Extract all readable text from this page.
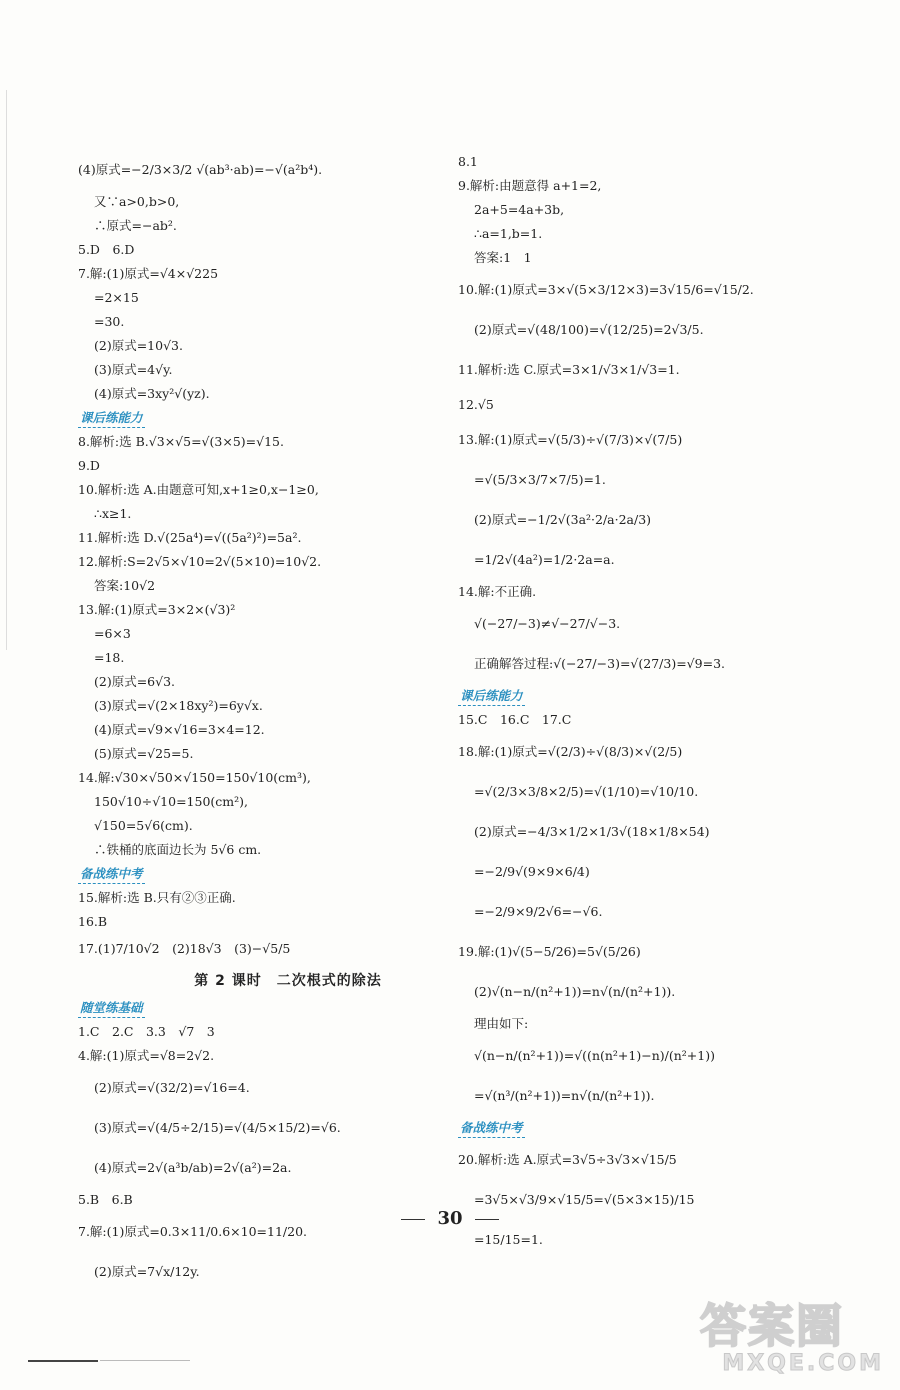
(4)原式=−2/3×3/2 √(ab³·ab)=−√(a²b⁴).
又∵a>0,b>0,
∴原式=−ab².
5.D　6.D
7.解:(1)原式=√4×√225
=2×15
=30.
(2)原式=10√3.
(3)原式=4√y.
(4)原式=3xy²√(yz).
课后练能力
8.解析:选 B.√3×√5=√(3×5)=√15.
9.D
10.解析:选 A.由题意可知,x+1≥0,x−1≥0,
∴x≥1.
11.解析:选 D.√(25a⁴)=√((5a²)²)=5a².
12.解析:S=2√5×√10=2√(5×10)=10√2.
答案:10√2
13.解:(1)原式=3×2×(√3)²
=6×3
=18.
(2)原式=6√3.
(3)原式=√(2×18xy²)=6y√x.
(4)原式=√9×√16=3×4=12.
(5)原式=√25=5.
14.解:√30×√50×√150=150√10(cm³),
150√10÷√10=150(cm²),
√150=5√6(cm).
∴铁桶的底面边长为 5√6 cm.
备战练中考
15.解析:选 B.只有②③正确.
16.B
17.(1)7/10√2　(2)18√3　(3)−√5/5
第 2 课时　二次根式的除法
随堂练基础
1.C　2.C　3.3　√7　3
4.解:(1)原式=√8=2√2.
(2)原式=√(32/2)=√16=4.
(3)原式=√(4/5÷2/15)=√(4/5×15/2)=√6.
(4)原式=2√(a³b/ab)=2√(a²)=2a.
5.B　6.B
7.解:(1)原式=0.3×11/0.6×10=11/20.
(2)原式=7√x/12y.
8.1
9.解析:由题意得 a+1=2,
2a+5=4a+3b,
∴a=1,b=1.
答案:1　1
10.解:(1)原式=3×√(5×3/12×3)=3√15/6=√15/2.
(2)原式=√(48/100)=√(12/25)=2√3/5.
11.解析:选 C.原式=3×1/√3×1/√3=1.
12.√5
13.解:(1)原式=√(5/3)÷√(7/3)×√(7/5)
=√(5/3×3/7×7/5)=1.
(2)原式=−1/2√(3a²·2/a·2a/3)
=1/2√(4a²)=1/2·2a=a.
14.解:不正确.
√(−27/−3)≠√−27/√−3.
正确解答过程:√(−27/−3)=√(27/3)=√9=3.
课后练能力
15.C　16.C　17.C
18.解:(1)原式=√(2/3)÷√(8/3)×√(2/5)
=√(2/3×3/8×2/5)=√(1/10)=√10/10.
(2)原式=−4/3×1/2×1/3√(18×1/8×54)
=−2/9√(9×9×6/4)
=−2/9×9/2√6=−√6.
19.解:(1)√(5−5/26)=5√(5/26)
(2)√(n−n/(n²+1))=n√(n/(n²+1)).
理由如下:
√(n−n/(n²+1))=√((n(n²+1)−n)/(n²+1))
=√(n³/(n²+1))=n√(n/(n²+1)).
备战练中考
20.解析:选 A.原式=3√5÷3√3×√15/5
=3√5×√3/9×√15/5=√(5×3×15)/15
=15/15=1.
30
答案圈
MXQE.COM
